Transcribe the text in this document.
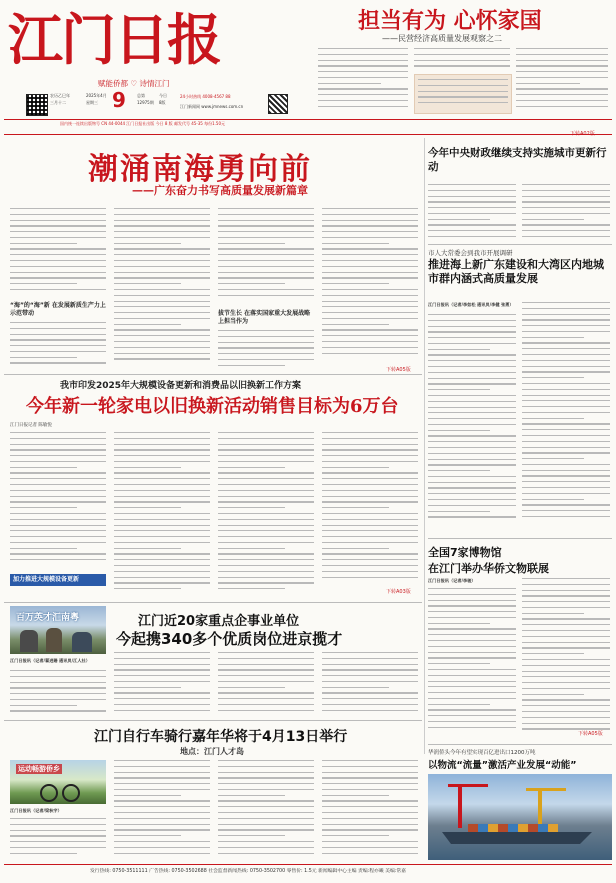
江门日报
赋能侨都 ♡ 诗情江门
农历乙巳年
三月十二
2025年4月
星期三 9	总第
12975期
今日
8版
24小时热线 4008-4567 88
江门新闻网 www.jmnews.com.cn
国内统一连续出版物号 CN 44-0044 江门日报社出版 今日 8 版 邮发代号 45-35 每份1.50元
担当有为 心怀家国
——民营经济高质量发展观察之二
潮涌南海勇向前
——广东奋力书写高质量发展新篇章
“海”的“海”新 在发展新质生产力上示范带动	拔节生长 在落实国家重大发展战略上担当作为
下转A05版
今年中央财政继续支持实施城市更新行动
市人大常委会到我市开展调研
推进海上新广东建设和大湾区内地城市群内涵式高质量发展
江门日报讯（记者/李如松 通讯员/李健 张勇）
我市印发2025年大规模设备更新和消费品以旧换新工作方案
今年新一轮家电以旧换新活动销售目标为6万台
江门日报记者 陈敏悦
加力推进大规模设备更新
下转A03版
全国7家博物馆
在江门举办华侨文物联展
江门日报讯（记者/李骏）
下转A05版
百万英才汇南粤	江门近20家重点企事业单位
今起携340多个优质岗位进京揽才
江门日报讯（记者/翟进珊 通讯员/江人社）
江门自行车骑行嘉年华将于4月13日举行
地点：江门人才岛
运动畅游侨乡
江门日报讯（记者/梁秋宇）
华润侨头今年有望实现百亿进出口1200万吨
以物流“流量”激活产业发展“动能”
发行热线: 0750-3511111 广告热线: 0750-3502688 社会监督新闻热线: 0750-3502700 零售价: 1.5元 新闻编辑中心主编 责编:程亦曦 美编:常嘉
